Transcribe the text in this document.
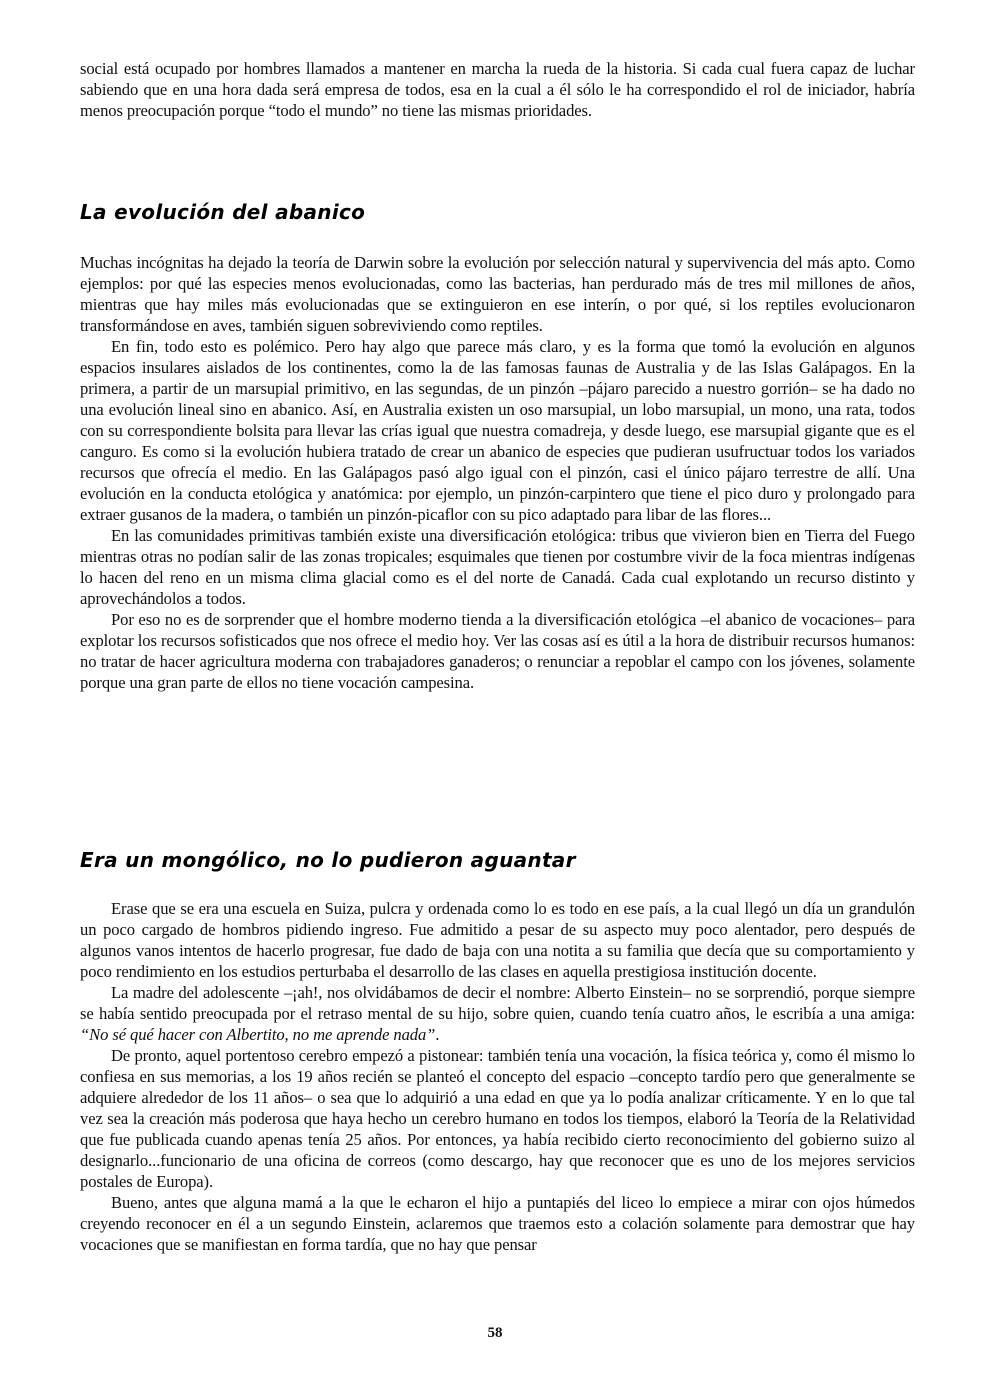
social está ocupado por hombres llamados a mantener en marcha la rueda de la historia. Si cada cual fuera capaz de luchar sabiendo que en una hora dada será empresa de todos, esa en la cual a él sólo le ha correspondido el rol de iniciador, habría menos preocupación porque “todo el mundo” no tiene las mismas prioridades.

La evolución del abanico

Muchas incógnitas ha dejado la teoría de Darwin sobre la evolución por selección natural y supervivencia del más apto. Como ejemplos: por qué las especies menos evolucionadas, como las bacterias, han perdurado más de tres mil millones de años, mientras que hay miles más evolucionadas que se extinguieron en ese interín, o por qué, si los reptiles evolucionaron transformándose en aves, también siguen sobreviviendo como reptiles.

En fin, todo esto es polémico. Pero hay algo que parece más claro, y es la forma que tomó la evolución en algunos espacios insulares aislados de los continentes, como la de las famosas faunas de Australia y de las Islas Galápagos. En la primera, a partir de un marsupial primitivo, en las segundas, de un pinzón –pájaro parecido a nuestro gorrión– se ha dado no una evolución lineal sino en abanico. Así, en Australia existen un oso marsupial, un lobo marsupial, un mono, una rata, todos con su correspondiente bolsita para llevar las crías igual que nuestra comadreja, y desde luego, ese marsupial gigante que es el canguro. Es como si la evolución hubiera tratado de crear un abanico de especies que pudieran usufructuar todos los variados recursos que ofrecía el medio. En las Galápagos pasó algo igual con el pinzón, casi el único pájaro terrestre de allí. Una evolución en la conducta etológica y anatómica: por ejemplo, un pinzón-carpintero que tiene el pico duro y prolongado para extraer gusanos de la madera, o también un pinzón-picaflor con su pico adaptado para libar de las flores...

En las comunidades primitivas también existe una diversificación etológica: tribus que vivieron bien en Tierra del Fuego mientras otras no podían salir de las zonas tropicales; esquimales que tienen por costumbre vivir de la foca mientras indígenas lo hacen del reno en un misma clima glacial como es el del norte de Canadá. Cada cual explotando un recurso distinto y aprovechándolos a todos.

Por eso no es de sorprender que el hombre moderno tienda a la diversificación etológica –el abanico de vocaciones– para explotar los recursos sofisticados que nos ofrece el medio hoy. Ver las cosas así es útil a la hora de distribuir recursos humanos: no tratar de hacer agricultura moderna con trabajadores ganaderos; o renunciar a repoblar el campo con los jóvenes, solamente porque una gran parte de ellos no tiene vocación campesina.

Era un mongólico, no lo pudieron aguantar

Erase que se era una escuela en Suiza, pulcra y ordenada como lo es todo en ese país, a la cual llegó un día un grandulón un poco cargado de hombros pidiendo ingreso. Fue admitido a pesar de su aspecto muy poco alentador, pero después de algunos vanos intentos de hacerlo progresar, fue dado de baja con una notita a su familia que decía que su comportamiento y poco rendimiento en los estudios perturbaba el desarrollo de las clases en aquella prestigiosa institución docente.

La madre del adolescente –¡ah!, nos olvidábamos de decir el nombre: Alberto Einstein– no se sorprendió, porque siempre se había sentido preocupada por el retraso mental de su hijo, sobre quien, cuando tenía cuatro años, le escribía a una amiga: “No sé qué hacer con Albertito, no me aprende nada”.

De pronto, aquel portentoso cerebro empezó a pistonear: también tenía una vocación, la física teórica y, como él mismo lo confiesa en sus memorias, a los 19 años recién se planteó el concepto del espacio –concepto tardío pero que generalmente se adquiere alrededor de los 11 años– o sea que lo adquirió a una edad en que ya lo podía analizar críticamente. Y en lo que tal vez sea la creación más poderosa que haya hecho un cerebro humano en todos los tiempos, elaboró la Teoría de la Relatividad que fue publicada cuando apenas tenía 25 años. Por entonces, ya había recibido cierto reconocimiento del gobierno suizo al designarlo...funcionario de una oficina de correos (como descargo, hay que reconocer que es uno de los mejores servicios postales de Europa).

Bueno, antes que alguna mamá a la que le echaron el hijo a puntapiés del liceo lo empiece a mirar con ojos húmedos creyendo reconocer en él a un segundo Einstein, aclaremos que traemos esto a colación solamente para demostrar que hay vocaciones que se manifiestan en forma tardía, que no hay que pensar

58
